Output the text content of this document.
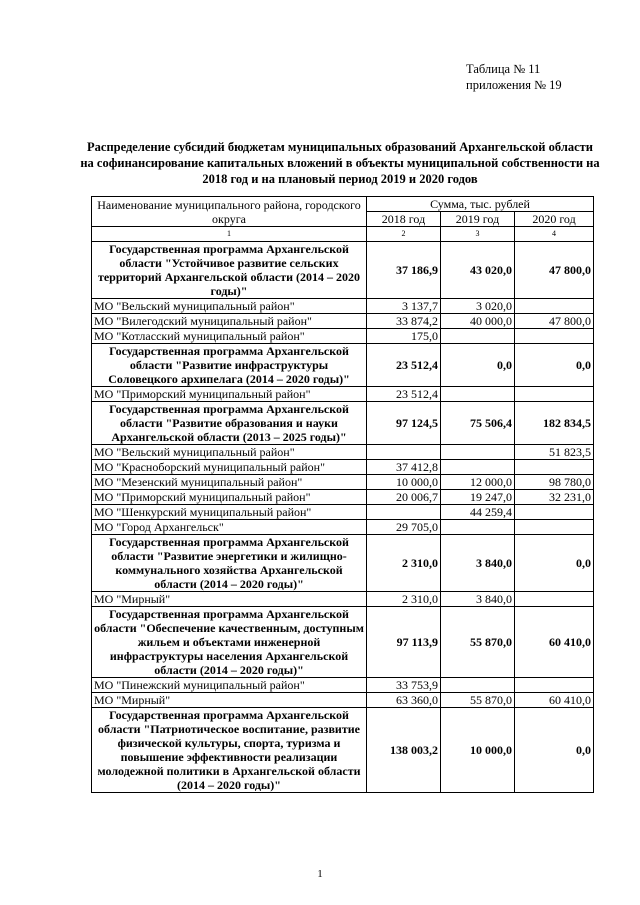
Таблица № 11
приложения № 19
Распределение субсидий бюджетам муниципальных образований Архангельской области на софинансирование капитальных вложений в объекты муниципальной собственности на 2018 год и на плановый период 2019 и 2020 годов
Наименование муниципального района, городского округа	Сумма, тыс. рублей		
	2018 год	2019 год	2020 год
1	2	3	4
Государственная программа Архангельской области "Устойчивое развитие сельских территорий Архангельской области (2014 – 2020 годы)"	37 186,9	43 020,0	47 800,0
МО "Вельский муниципальный район"	3 137,7	3 020,0	
МО "Вилегодский муниципальный район"	33 874,2	40 000,0	47 800,0
МО "Котласский муниципальный район"	175,0		
Государственная программа Архангельской области "Развитие инфраструктуры Соловецкого архипелага (2014 – 2020 годы)"	23 512,4	0,0	0,0
МО "Приморский муниципальный район"	23 512,4		
Государственная программа Архангельской области "Развитие образования и науки Архангельской области (2013 – 2025 годы)"	97 124,5	75 506,4	182 834,5
МО "Вельский муниципальный район"			51 823,5
МО "Красноборский муниципальный район"	37 412,8		
МО "Мезенский муниципальный район"	10 000,0	12 000,0	98 780,0
МО "Приморский муниципальный район"	20 006,7	19 247,0	32 231,0
МО "Шенкурский муниципальный район"		44 259,4	
МО "Город Архангельск"	29 705,0		
Государственная программа Архангельской области "Развитие энергетики и жилищно-коммунального хозяйства Архангельской области (2014 – 2020 годы)"	2 310,0	3 840,0	0,0
МО "Мирный"	2 310,0	3 840,0	
Государственная программа Архангельской области "Обеспечение качественным, доступным жильем и объектами инженерной инфраструктуры населения Архангельской области (2014 – 2020 годы)"	97 113,9	55 870,0	60 410,0
МО "Пинежский муниципальный район"	33 753,9		
МО "Мирный"	63 360,0	55 870,0	60 410,0
Государственная программа Архангельской области "Патриотическое воспитание, развитие физической культуры, спорта, туризма и повышение эффективности реализации молодежной политики в Архангельской области (2014 – 2020 годы)"	138 003,2	10 000,0	0,0
1
